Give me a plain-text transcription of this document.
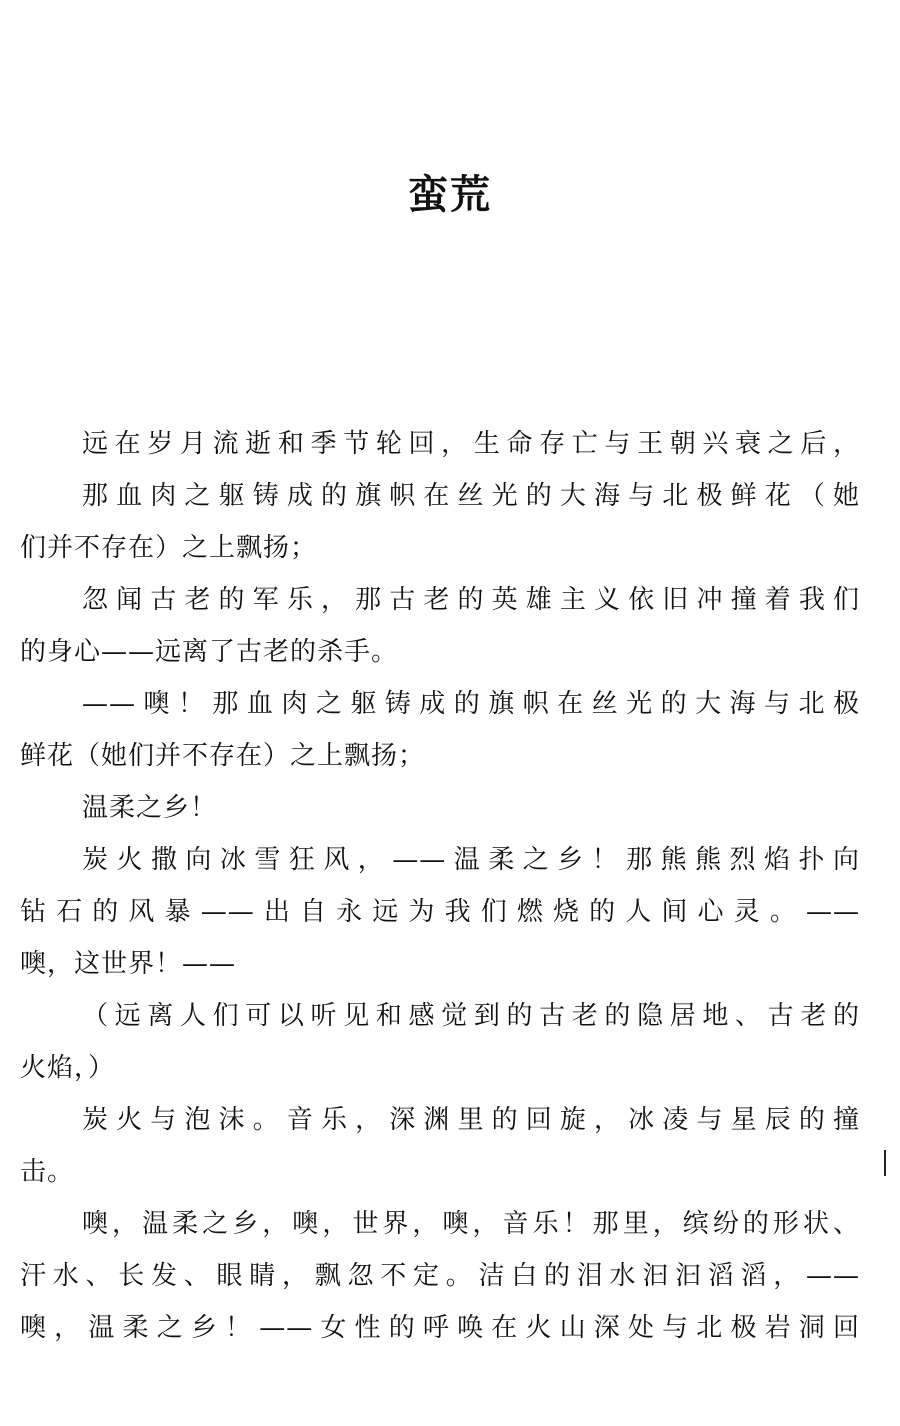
蛮荒
远在岁月流逝和季节轮回，生命存亡与王朝兴衰之后，
那血肉之躯铸成的旗帜在丝光的大海与北极鲜花（她
们并不存在）之上飘扬；
忽闻古老的军乐，那古老的英雄主义依旧冲撞着我们
的身心——远离了古老的杀手。
——噢！那血肉之躯铸成的旗帜在丝光的大海与北极
鲜花（她们并不存在）之上飘扬；
温柔之乡！
炭火撒向冰雪狂风，——温柔之乡！那熊熊烈焰扑向
钻石的风暴——出自永远为我们燃烧的人间心灵。——
噢，这世界！——
（远离人们可以听见和感觉到的古老的隐居地、古老的
火焰，）
炭火与泡沫。音乐，深渊里的回旋，冰凌与星辰的撞
击。
噢，温柔之乡，噢，世界，噢，音乐！那里，缤纷的形状、
汗水、长发、眼睛，飘忽不定。洁白的泪水汩汩滔滔，——
噢，温柔之乡！——女性的呼唤在火山深处与北极岩洞回
